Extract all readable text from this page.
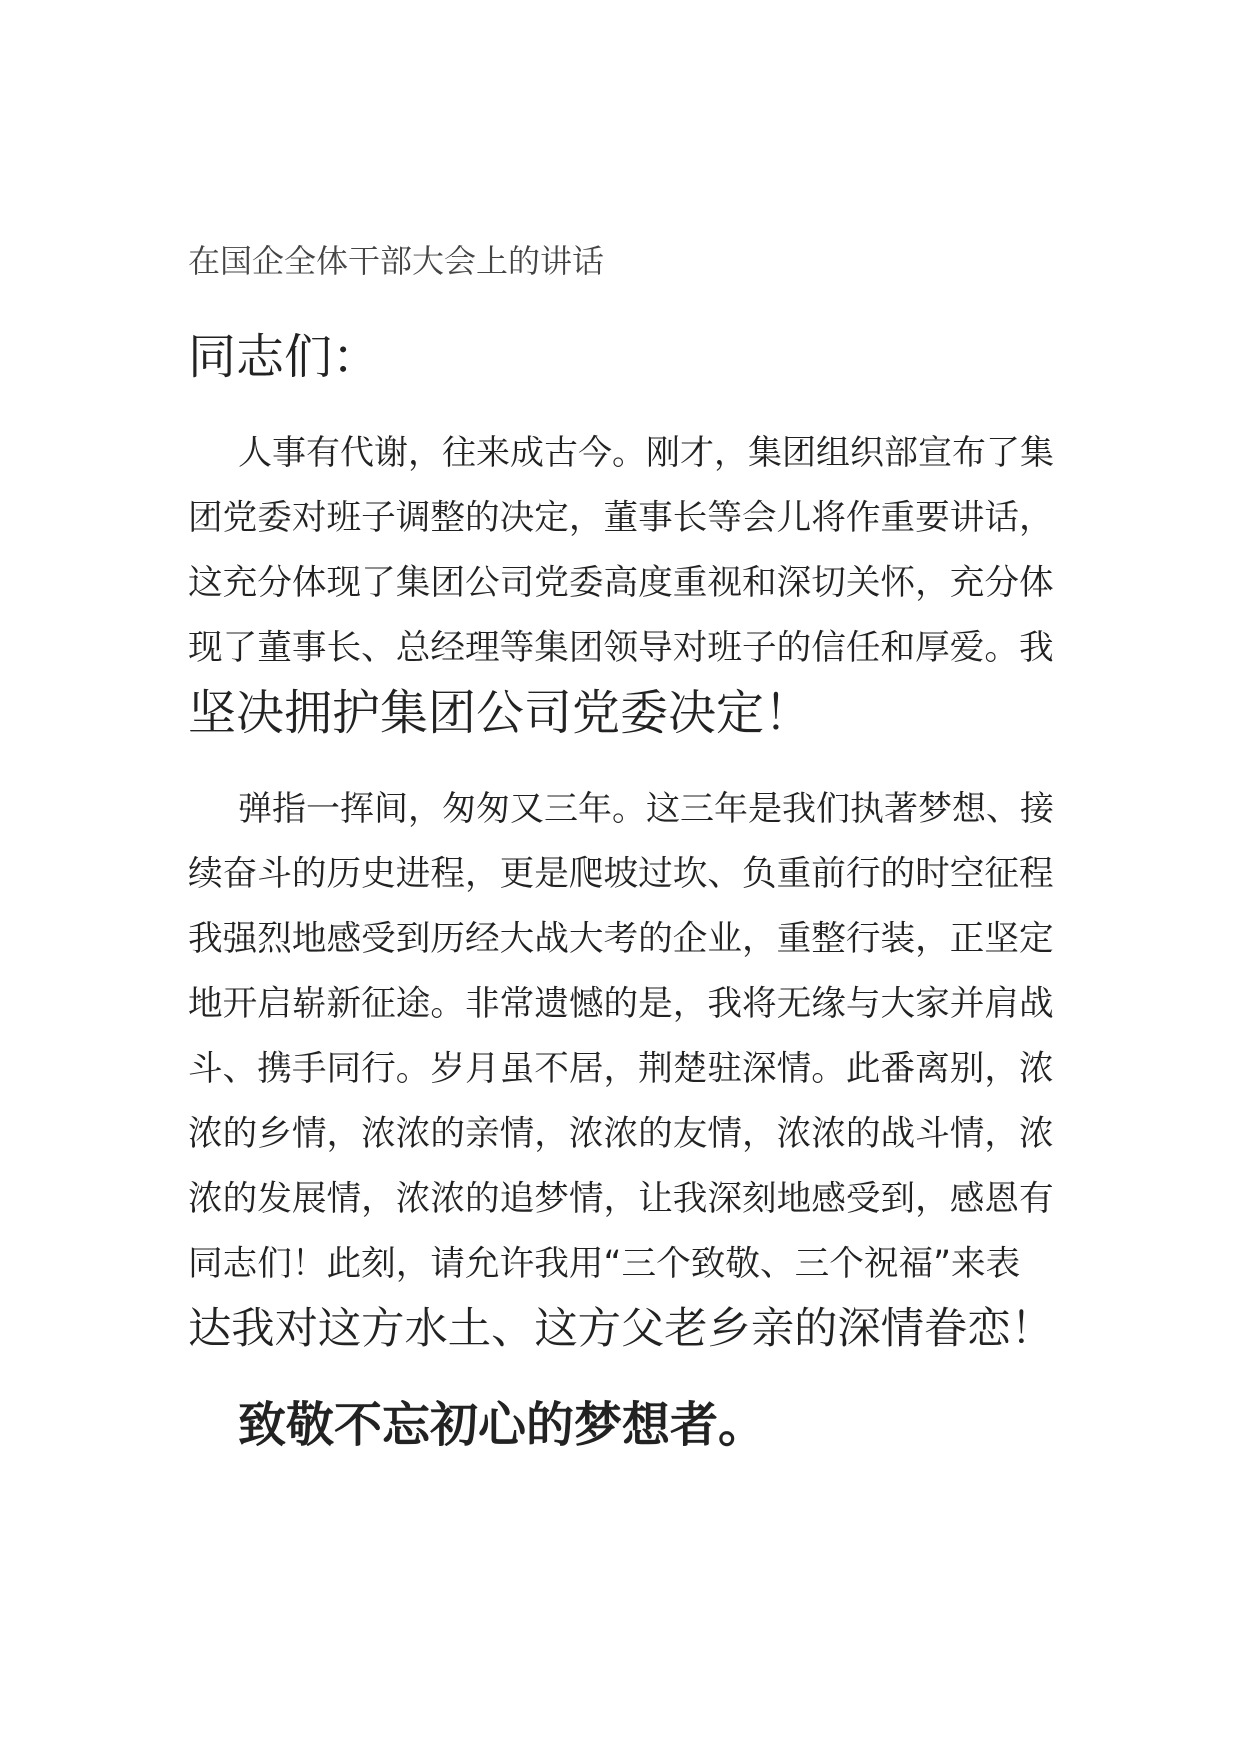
在国企全体干部大会上的讲话

同志们：

人事有代谢，往来成古今。刚才，集团组织部宣布了集
团党委对班子调整的决定，董事长等会儿将作重要讲话，
这充分体现了集团公司党委高度重视和深切关怀，充分体
现了董事长、总经理等集团领导对班子的信任和厚爱。我
坚决拥护集团公司党委决定！

弹指一挥间，匆匆又三年。这三年是我们执著梦想、接
续奋斗的历史进程，更是爬坡过坎、负重前行的时空征程
我强烈地感受到历经大战大考的企业，重整行装，正坚定
地开启崭新征途。非常遗憾的是，我将无缘与大家并肩战
斗、携手同行。岁月虽不居，荆楚驻深情。此番离别，浓
浓的乡情，浓浓的亲情，浓浓的友情，浓浓的战斗情，浓
浓的发展情，浓浓的追梦情，让我深刻地感受到，感恩有
同志们！此刻，请允许我用“三个致敬、三个祝福”来表
达我对这方水土、这方父老乡亲的深情眷恋！

致敬不忘初心的梦想者。
